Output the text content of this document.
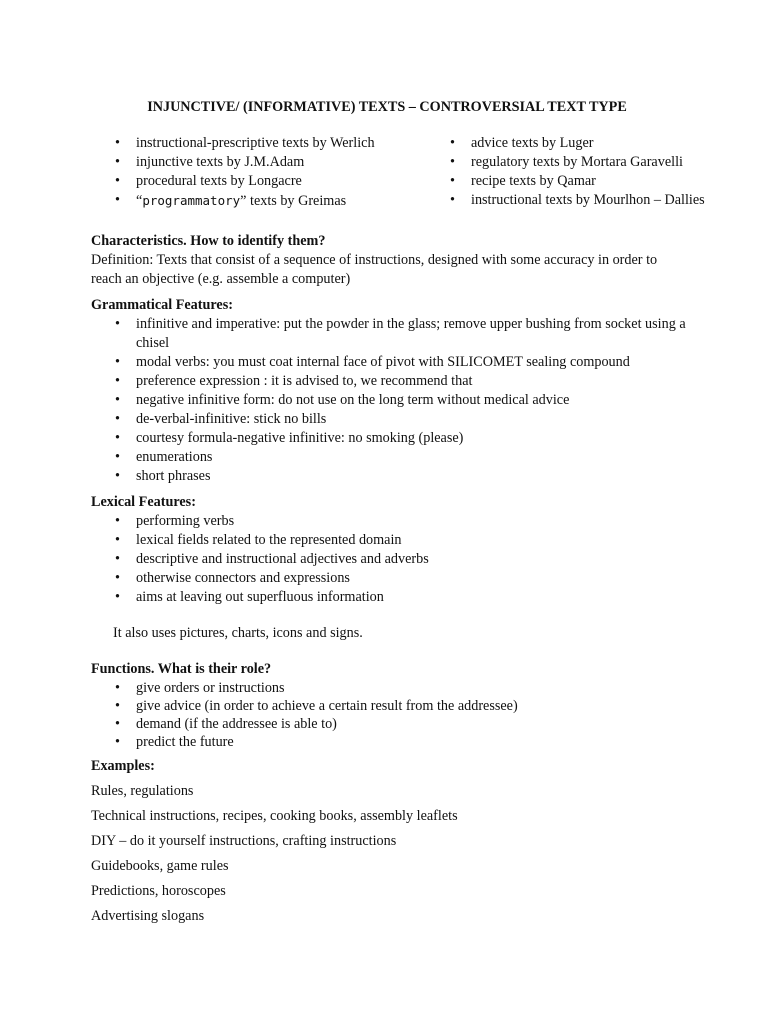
INJUNCTIVE/ (INFORMATIVE) TEXTS – CONTROVERSIAL TEXT TYPE
• instructional-prescriptive texts by Werlich
• injunctive texts by J.M.Adam
• procedural texts by Longacre
• “programmatory” texts by Greimas
• advice texts by Luger
• regulatory texts by Mortara Garavelli
• recipe texts by Qamar
• instructional texts by Mourlhon – Dallies
Characteristics. How to identify them?
Definition: Texts that consist of a sequence of instructions, designed with some accuracy in order to reach an objective (e.g. assemble a computer)
Grammatical Features:
• infinitive and imperative: put the powder in the glass; remove upper bushing from socket using a chisel
• modal verbs: you must coat internal face of pivot with SILICOMET sealing compound
• preference expression : it is advised to, we recommend that
• negative infinitive form: do not use on the long term without medical advice
• de-verbal-infinitive: stick no bills
• courtesy formula-negative infinitive: no smoking (please)
• enumerations
• short phrases
Lexical Features:
• performing verbs
• lexical fields related to the represented domain
• descriptive and instructional adjectives and adverbs
• otherwise connectors and expressions
• aims at leaving out superfluous information
It also uses pictures, charts, icons and signs.
Functions. What is their role?
• give orders or instructions
• give advice (in order to achieve a certain result from the addressee)
• demand (if the addressee is able to)
• predict the future
Examples:
Rules, regulations
Technical instructions, recipes, cooking books, assembly leaflets
DIY – do it yourself instructions, crafting instructions
Guidebooks, game rules
Predictions, horoscopes
Advertising slogans
